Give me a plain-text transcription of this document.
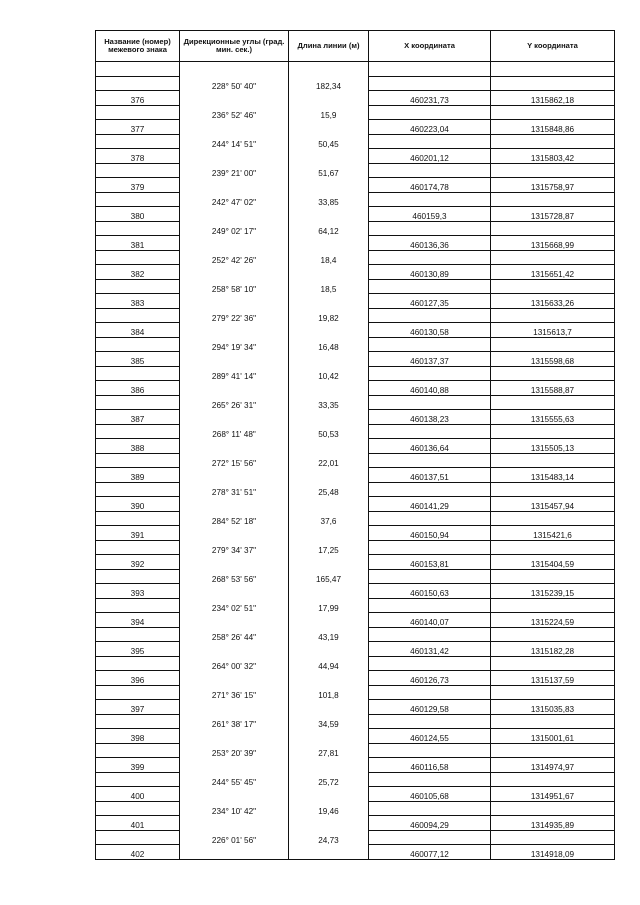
Название (номер) межевого знака	Дирекционные углы (град. мин. сек.)	Длина линии (м)	X координата	Y координата

	228° 50' 40"	182,34		
376			460231,73	1315862,18
	236° 52' 46"	15,9		
377			460223,04	1315848,86
	244° 14' 51"	50,45		
378			460201,12	1315803,42
	239° 21' 00"	51,67		
379			460174,78	1315758,97
	242° 47' 02"	33,85		
380			460159,3	1315728,87
	249° 02' 17"	64,12		
381			460136,36	1315668,99
	252° 42' 26"	18,4		
382			460130,89	1315651,42
	258° 58' 10"	18,5		
383			460127,35	1315633,26
	279° 22' 36"	19,82		
384			460130,58	1315613,7
	294° 19' 34"	16,48		
385			460137,37	1315598,68
	289° 41' 14"	10,42		
386			460140,88	1315588,87
	265° 26' 31"	33,35		
387			460138,23	1315555,63
	268° 11' 48"	50,53		
388			460136,64	1315505,13
	272° 15' 56"	22,01		
389			460137,51	1315483,14
	278° 31' 51"	25,48		
390			460141,29	1315457,94
	284° 52' 18"	37,6		
391			460150,94	1315421,6
	279° 34' 37"	17,25		
392			460153,81	1315404,59
	268° 53' 56"	165,47		
393			460150,63	1315239,15
	234° 02' 51"	17,99		
394			460140,07	1315224,59
	258° 26' 44"	43,19		
395			460131,42	1315182,28
	264° 00' 32"	44,94		
396			460126,73	1315137,59
	271° 36' 15"	101,8		
397			460129,58	1315035,83
	261° 38' 17"	34,59		
398			460124,55	1315001,61
	253° 20' 39"	27,81		
399			460116,58	1314974,97
	244° 55' 45"	25,72		
400			460105,68	1314951,67
	234° 10' 42"	19,46		
401			460094,29	1314935,89
	226° 01' 56"	24,73		
402			460077,12	1314918,09
